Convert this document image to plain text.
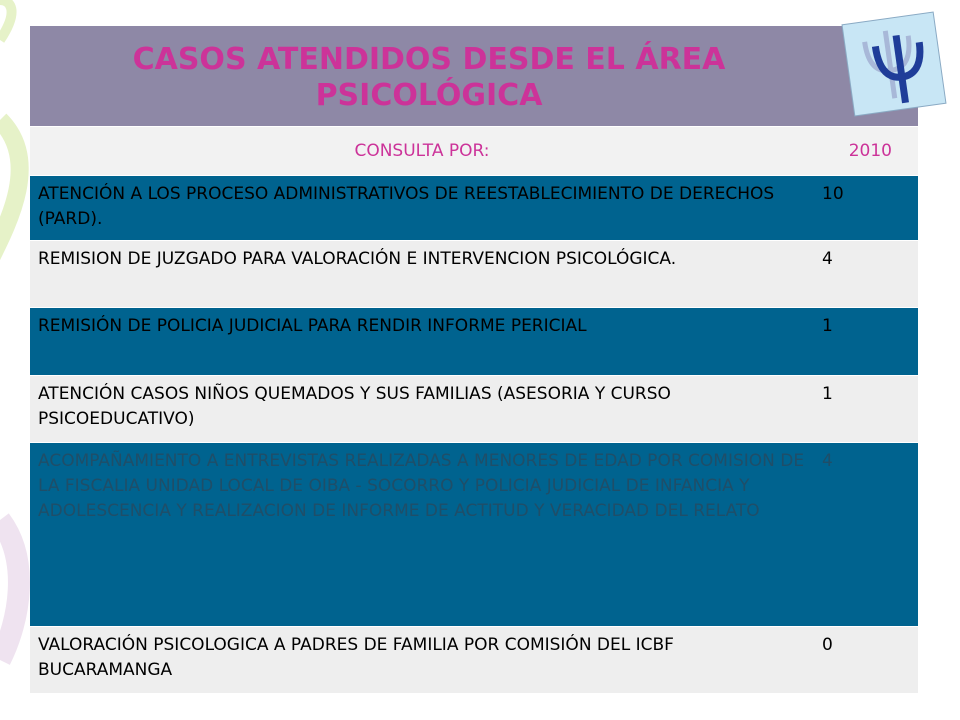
CASOS ATENDIDOS DESDE EL ÁREA PSICOLÓGICA	
CONSULTA POR:	2010
ATENCIÓN A LOS PROCESO ADMINISTRATIVOS DE REESTABLECIMIENTO DE DERECHOS (PARD).	10
REMISION DE JUZGADO PARA VALORACIÓN E INTERVENCION PSICOLÓGICA.	4
REMISIÓN DE POLICIA JUDICIAL PARA RENDIR INFORME PERICIAL	1
ATENCIÓN CASOS NIÑOS QUEMADOS Y SUS FAMILIAS (ASESORIA Y CURSO PSICOEDUCATIVO)	1
ACOMPAÑAMIENTO A ENTREVISTAS REALIZADAS A MENORES DE EDAD POR COMISION DE LA FISCALIA UNIDAD LOCAL DE OIBA - SOCORRO Y POLICIA JUDICIAL DE INFANCIA Y ADOLESCENCIA Y REALIZACION DE INFORME DE ACTITUD Y VERACIDAD DEL RELATO	4
VALORACIÓN PSICOLOGICA A PADRES DE FAMILIA POR COMISIÓN DEL ICBF BUCARAMANGA	0
